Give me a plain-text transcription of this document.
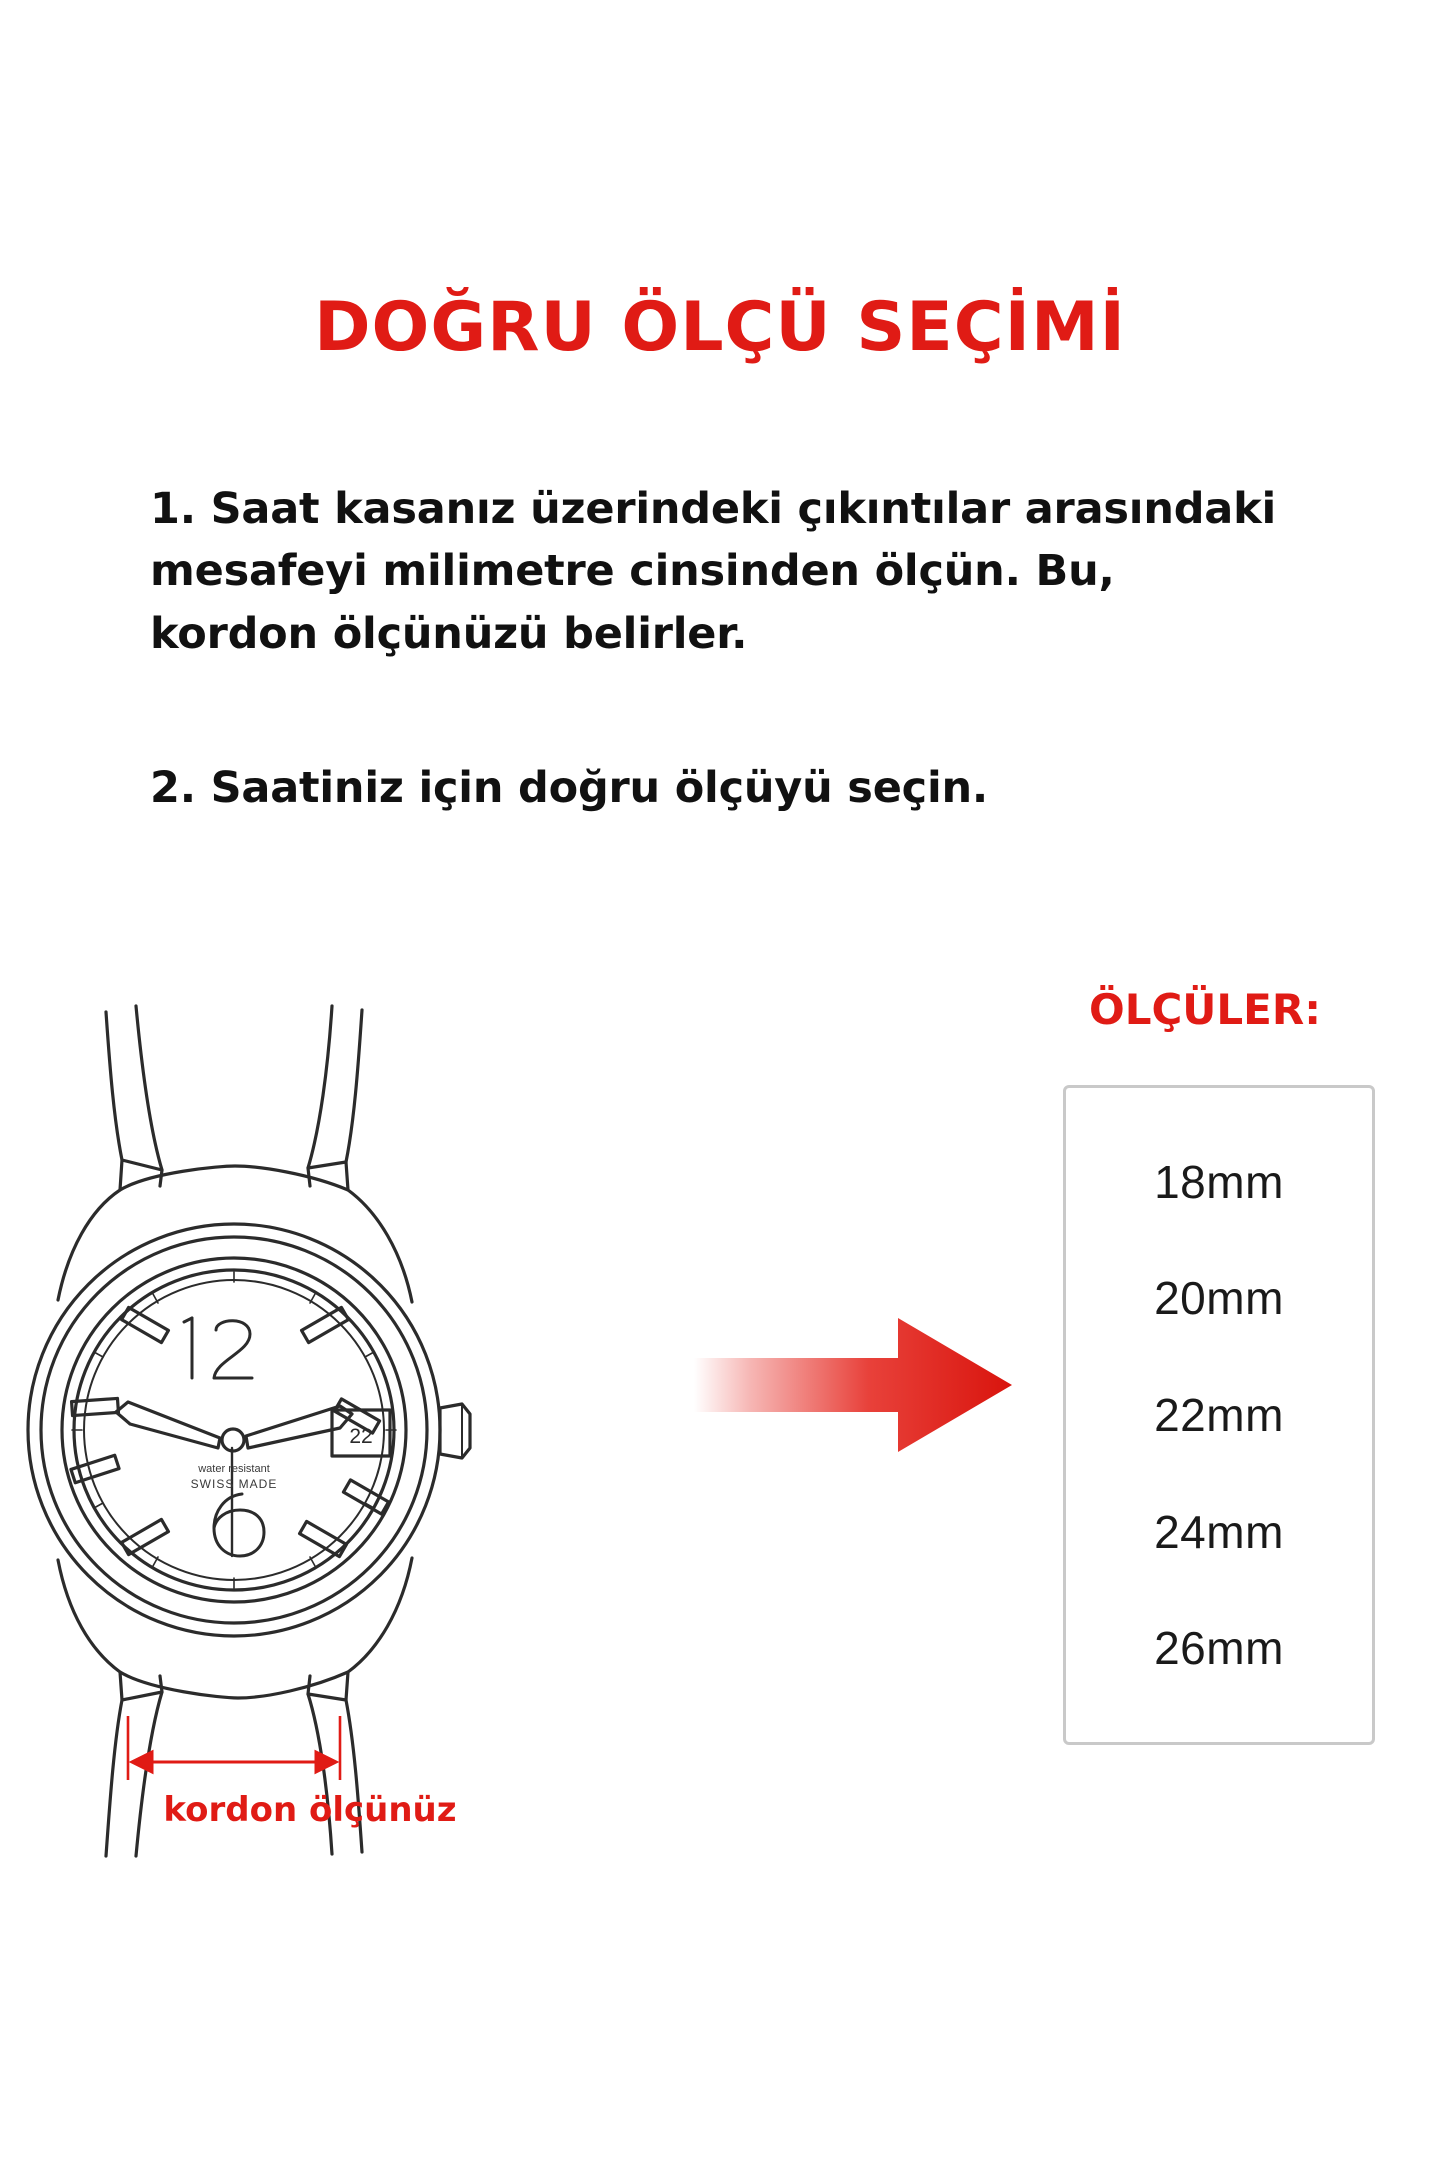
DOĞRU ÖLÇÜ SEÇİMİ
1. Saat kasanız üzerindeki çıkıntılar arasındaki mesafeyi milimetre cinsinden ölçün. Bu, kordon ölçünüzü belirler.
2. Saatiniz için doğru ölçüyü seçin.
water resistant
SWISS MADE
22
kordon ölçünüz
ÖLÇÜLER:
18mm
20mm
22mm
24mm
26mm
